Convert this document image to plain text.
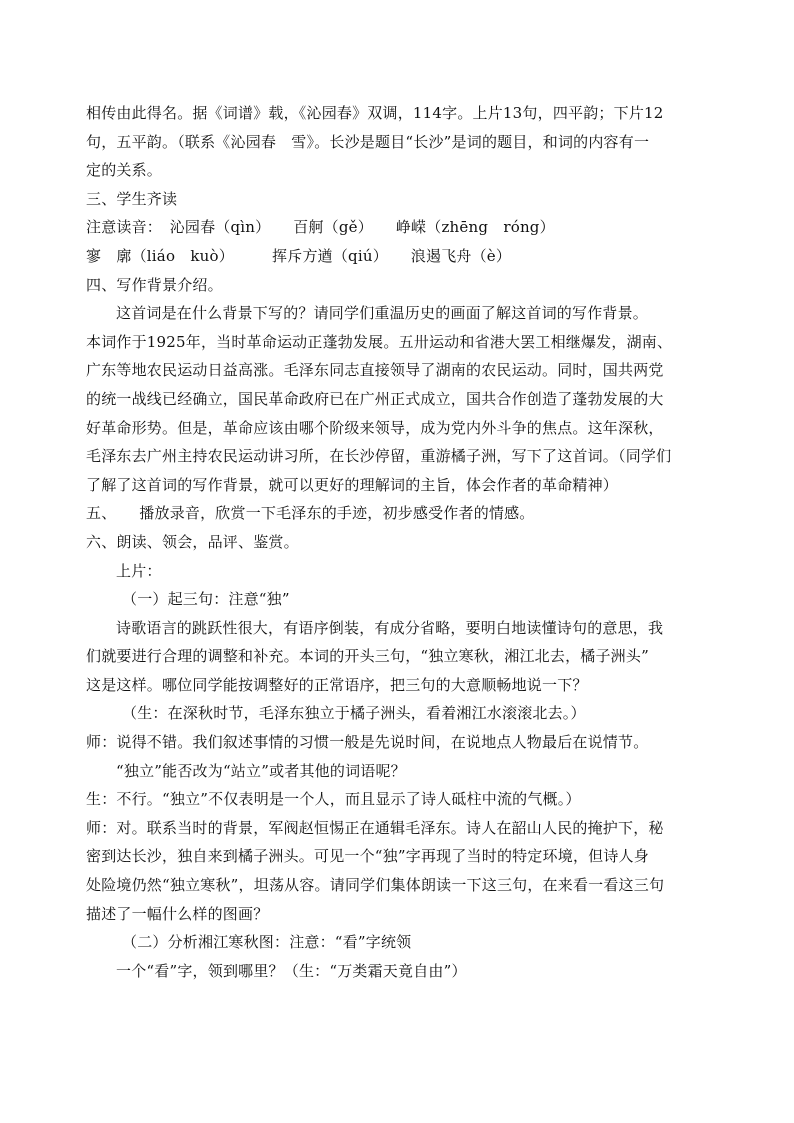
相传由此得名。据《词谱》载，《沁园春》双调，114字。上片13句，四平韵；下片12

句，五平韵。（联系《沁园春　雪》。长沙是题目“长沙”是词的题目，和词的内容有一

定的关系。

三、学生齐读

注意读音：　沁园春（qìn）　　百舸（gě）　　峥嵘（zhēng　róng）

寥　廓（liáo　kuò）　　　挥斥方遒（qiú）　　浪遏飞舟（è）

四、写作背景介绍。

这首词是在什么背景下写的？请同学们重温历史的画面了解这首词的写作背景。

本词作于1925年，当时革命运动正蓬勃发展。五卅运动和省港大罢工相继爆发，湖南、

广东等地农民运动日益高涨。毛泽东同志直接领导了湖南的农民运动。同时，国共两党

的统一战线已经确立，国民革命政府已在广州正式成立，国共合作创造了蓬勃发展的大

好革命形势。但是，革命应该由哪个阶级来领导，成为党内外斗争的焦点。这年深秋，

毛泽东去广州主持农民运动讲习所，在长沙停留，重游橘子洲，写下了这首词。（同学们

了解了这首词的写作背景，就可以更好的理解词的主旨，体会作者的革命精神）

五、　　播放录音，欣赏一下毛泽东的手迹，初步感受作者的情感。

六、朗读、领会，品评、鉴赏。

上片：

（一）起三句：注意“独”

诗歌语言的跳跃性很大，有语序倒装，有成分省略，要明白地读懂诗句的意思，我

们就要进行合理的调整和补充。本词的开头三句，“独立寒秋，湘江北去，橘子洲头”

这是这样。哪位同学能按调整好的正常语序，把三句的大意顺畅地说一下？

（生：在深秋时节，毛泽东独立于橘子洲头，看着湘江水滚滚北去。）

师：说得不错。我们叙述事情的习惯一般是先说时间，在说地点人物最后在说情节。

“独立”能否改为“站立”或者其他的词语呢？

生：不行。“独立”不仅表明是一个人，而且显示了诗人砥柱中流的气概。）

师：对。联系当时的背景，军阀赵恒惕正在通辑毛泽东。诗人在韶山人民的掩护下，秘

密到达长沙，独自来到橘子洲头。可见一个“独”字再现了当时的特定环境，但诗人身

处险境仍然“独立寒秋”，坦荡从容。请同学们集体朗读一下这三句，在来看一看这三句

描述了一幅什么样的图画？

（二）分析湘江寒秋图：注意：“看”字统领

一个“看”字，领到哪里？（生：“万类霜天竟自由”）
